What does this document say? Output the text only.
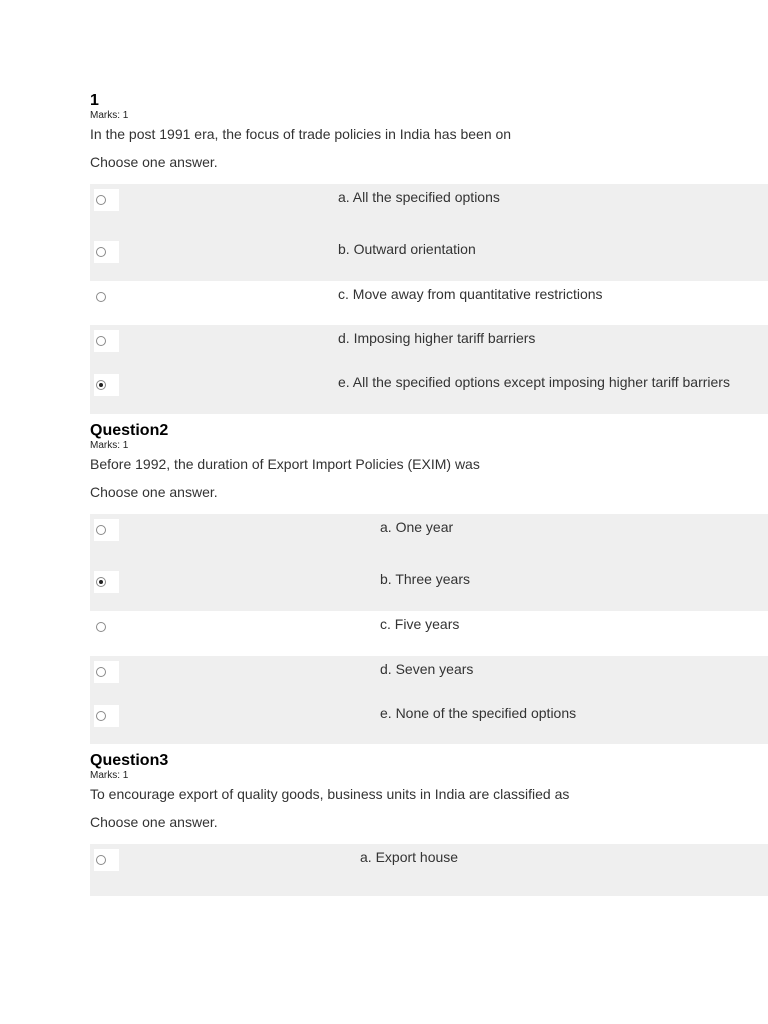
1
Marks: 1
In the post 1991 era, the focus of trade policies in India has been on
Choose one answer.
a. All the specified options
b. Outward orientation
c. Move away from quantitative restrictions
d. Imposing higher tariff barriers
e. All the specified options except imposing higher tariff barriers
Question2
Marks: 1
Before 1992, the duration of Export Import Policies (EXIM) was
Choose one answer.
a. One year
b. Three years
c. Five years
d. Seven years
e. None of the specified options
Question3
Marks: 1
To encourage export of quality goods, business units in India are classified as
Choose one answer.
a. Export house
